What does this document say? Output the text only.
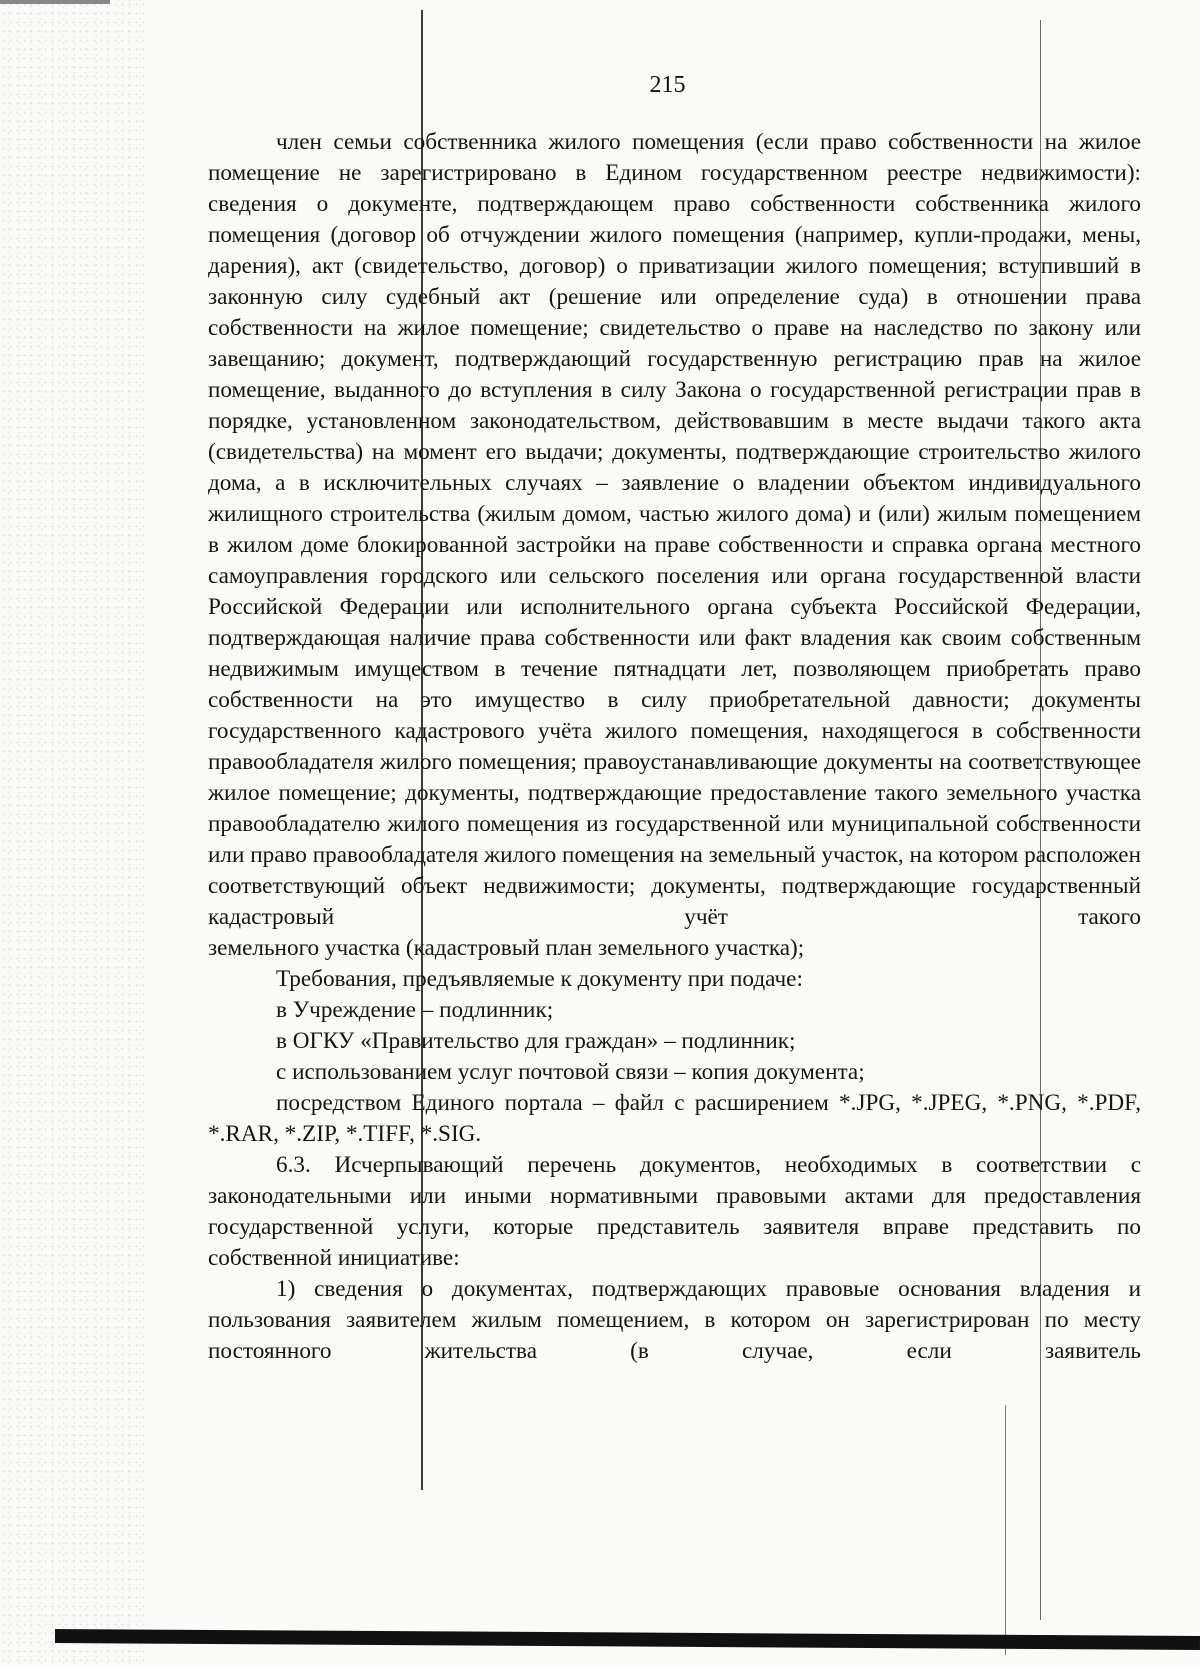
215

член семьи собственника жилого помещения (если право собственности на жилое помещение не зарегистрировано в Едином государственном реестре недвижимости): сведения о документе, подтверждающем право собственности собственника жилого помещения (договор об отчуждении жилого помещения (например, купли-продажи, мены, дарения), акт (свидетельство, договор) о приватизации жилого помещения; вступивший в законную силу судебный акт (решение или определение суда) в отношении права собственности на жилое помещение; свидетельство о праве на наследство по закону или завещанию; документ, подтверждающий государственную регистрацию прав на жилое помещение, выданного до вступления в силу Закона о государственной регистрации прав в порядке, установленном законодательством, действовавшим в месте выдачи такого акта (свидетельства) на момент его выдачи; документы, подтверждающие строительство жилого дома, а в исключительных случаях – заявление о владении объектом индивидуального жилищного строительства (жилым домом, частью жилого дома) и (или) жилым помещением в жилом доме блокированной застройки на праве собственности и справка органа местного самоуправления городского или сельского поселения или органа государственной власти Российской Федерации или исполнительного органа субъекта Российской Федерации, подтверждающая наличие права собственности или факт владения как своим собственным недвижимым имуществом в течение пятнадцати лет, позволяющем приобретать право собственности на это имущество в силу приобретательной давности; документы государственного кадастрового учёта жилого помещения, находящегося в собственности правообладателя жилого помещения; правоустанавливающие документы на соответствующее жилое помещение; документы, подтверждающие предоставление такого земельного участка правообладателю жилого помещения из государственной или муниципальной собственности или право правообладателя жилого помещения на земельный участок, на котором расположен соответствующий объект недвижимости; документы, подтверждающие государственный кадастровый учёт такого

земельного участка (кадастровый план земельного участка);

Требования, предъявляемые к документу при подаче:

в Учреждение – подлинник;

в ОГКУ «Правительство для граждан» – подлинник;

с использованием услуг почтовой связи – копия документа;

посредством Единого портала – файл с расширением *.JPG, *.JPEG, *.PNG, *.PDF, *.RAR, *.ZIP, *.TIFF, *.SIG.

6.3. Исчерпывающий перечень документов, необходимых в соответствии с законодательными или иными нормативными правовыми актами для предоставления государственной услуги, которые представитель заявителя вправе представить по собственной инициативе:

1) сведения о документах, подтверждающих правовые основания владения и пользования заявителем жилым помещением, в котором он зарегистрирован по месту постоянного жительства (в случае, если заявитель
